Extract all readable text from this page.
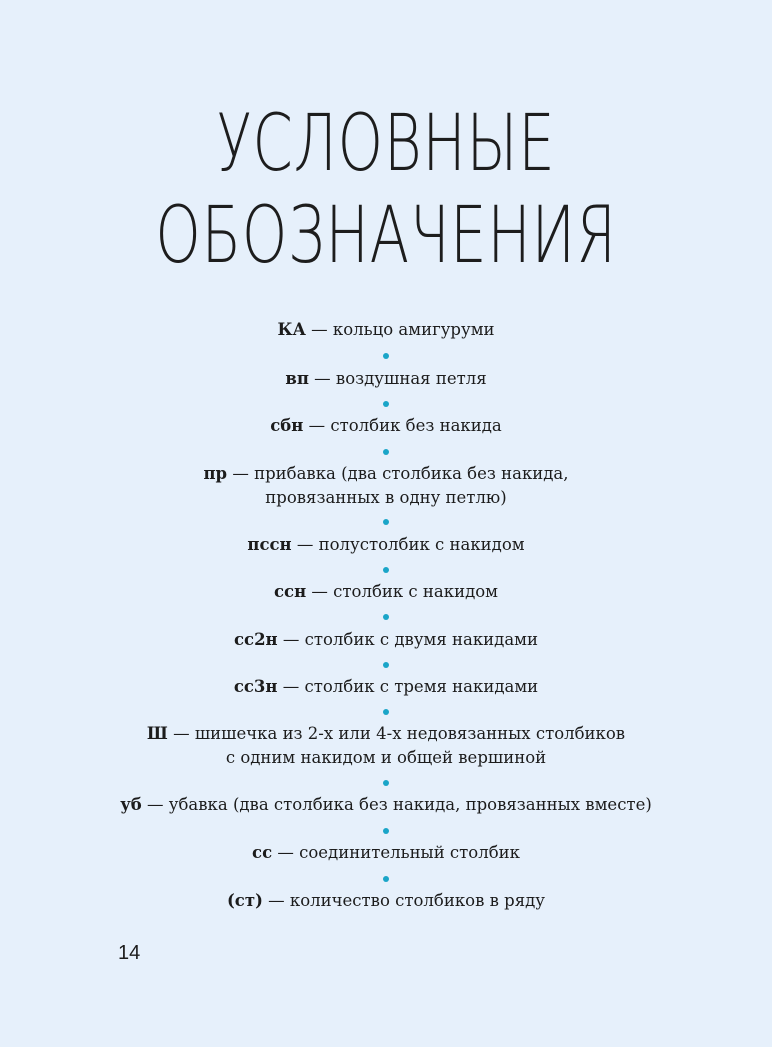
УСЛОВНЫЕ
ОБОЗНАЧЕНИЯ
КА — кольцо амигуруми
вп — воздушная петля
сбн — столбик без накида
пр — прибавка (два столбика без накида,
провязанных в одну петлю)
пссн — полустолбик с накидом
ссн — столбик с накидом
сс2н — столбик с двумя накидами
сс3н — столбик с тремя накидами
Ш — шишечка из 2-х или 4-х недовязанных столбиков
с одним накидом и общей вершиной
уб — убавка (два столбика без накида, провязанных вместе)
сс — соединительный столбик
(ст) — количество столбиков в ряду
14
